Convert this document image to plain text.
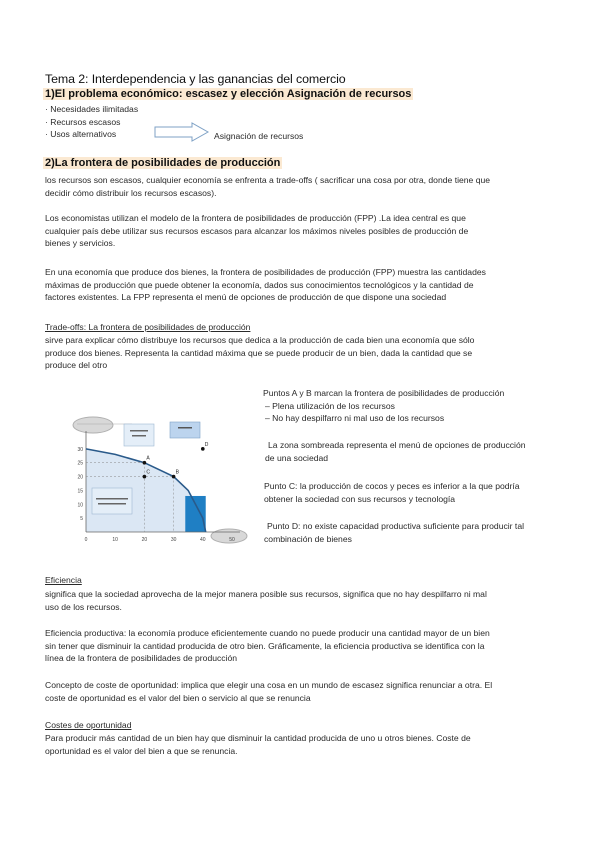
Tema 2: Interdependencia y las ganancias del comercio
1)El problema económico: escasez y elección Asignación de recursos
· Necesidades ilimitadas
· Recursos escasos
· Usos alternativos	Asignación de recursos
2)La frontera de posibilidades de producción
los recursos son escasos, cualquier economía se enfrenta a trade-offs ( sacrificar una cosa por otra, donde tiene que
decidir cómo distribuir los recursos escasos).
Los economistas utilizan el modelo de la frontera de posibilidades de producción (FPP) .La idea central es que
cualquier país debe utilizar sus recursos escasos para alcanzar los máximos niveles posibles de producción de
bienes y servicios.
En una economía que produce dos bienes, la frontera de posibilidades de producción (FPP) muestra las cantidades
máximas de producción que puede obtener la economía, dados sus conocimientos tecnológicos y la cantidad de
factores existentes. La FPP representa el menú de opciones de producción de que dispone una sociedad
Trade-offs: La frontera de posibilidades de producción
sirve para explicar cómo distribuye los recursos que dedica a la producción de cada bien una economía que sólo
produce dos bienes. Representa la cantidad máxima que se puede producir de un bien, dada la cantidad que se
produce del otro
0	10	20	30	40	50
5
10
15
20
25
30
A
B
C
D
Puntos A y B marcan la frontera de posibilidades de producción
– Plena utilización de los recursos
– No hay despilfarro ni mal uso de los recursos
La zona sombreada representa el menú de opciones de producción
de una sociedad
Punto C: la producción de cocos y peces es inferior a la que podría
obtener la sociedad con sus recursos y tecnología
Punto D: no existe capacidad productiva suficiente para producir tal
combinación de bienes
Eficiencia
significa que la sociedad aprovecha de la mejor manera posible sus recursos, significa que no hay despilfarro ni mal
uso de los recursos.
Eficiencia productiva: la economía produce eficientemente cuando no puede producir una cantidad mayor de un bien
sin tener que disminuir la cantidad producida de otro bien. Gráficamente, la eficiencia productiva se identifica con la
línea de la frontera de posibilidades de producción
Concepto de coste de oportunidad: implica que elegir una cosa en un mundo de escasez significa renunciar a otra. El
coste de oportunidad es el valor del bien o servicio al que se renuncia
Costes de oportunidad
Para producir más cantidad de un bien hay que disminuir la cantidad producida de uno u otros bienes. Coste de
oportunidad es el valor del bien a que se renuncia.
